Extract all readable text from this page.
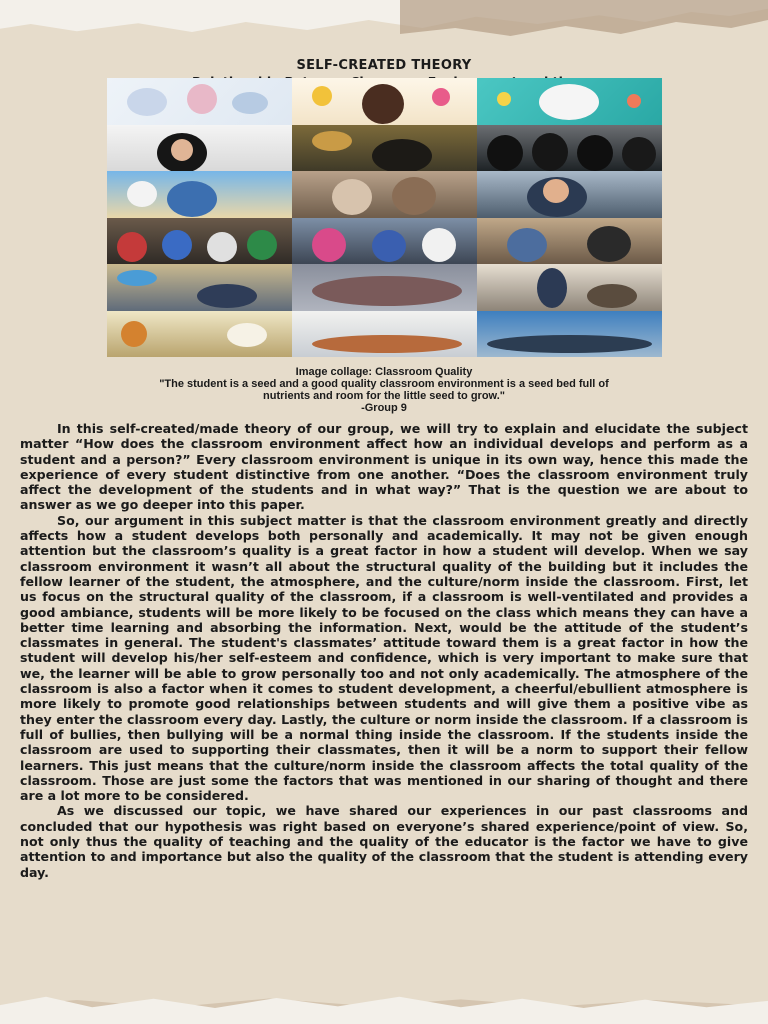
SELF-CREATED THEORY
Image collage: Classroom Quality
"The student is a seed and a good quality classroom environment is a seed bed full of
nutrients and room for the little seed to grow."
-Group 9

In this self-created/made theory of our group, we will try to explain and elucidate the subject matter “How does the classroom environment affect how an individual develops and perform as a student and a person?” Every classroom environment is unique in its own way, hence this made the experience of every student distinctive from one another. “Does the classroom environment truly affect the development of the students and in what way?” That is the question we are about to answer as we go deeper into this paper.

So, our argument in this subject matter is that the classroom environment greatly and directly affects how a student develops both personally and academically. It may not be given enough attention but the classroom’s quality is a great factor in how a student will develop. When we say classroom environment it wasn’t all about the structural quality of the building but it includes the fellow learner of the student, the atmosphere, and the culture/norm inside the classroom. First, let us focus on the structural quality of the classroom, if a classroom is well-ventilated and provides a good ambiance, students will be more likely to be focused on the class which means they can have a better time learning and absorbing the information. Next, would be the attitude of the student’s classmates in general. The student's classmates’ attitude toward them is a great factor in how the student will develop his/her self-esteem and confidence, which is very important to make sure that we, the learner will be able to grow personally too and not only academically. The atmosphere of the classroom is also a factor when it comes to student development, a cheerful/ebullient atmosphere is more likely to promote good relationships between students and will give them a positive vibe as they enter the classroom every day. Lastly, the culture or norm inside the classroom. If a classroom is full of bullies, then bullying will be a normal thing inside the classroom. If the students inside the classroom are used to supporting their classmates, then it will be a norm to support their fellow learners. This just means that the culture/norm inside the classroom affects the total quality of the classroom. Those are just some the factors that was mentioned in our sharing of thought and there are a lot more to be considered.

As we discussed our topic, we have shared our experiences in our past classrooms and concluded that our hypothesis was right based on everyone’s shared experience/point of view. So, not only thus the quality of teaching and the quality of the educator is the factor we have to give attention to and importance but also the quality of the classroom that the student is attending every day.
